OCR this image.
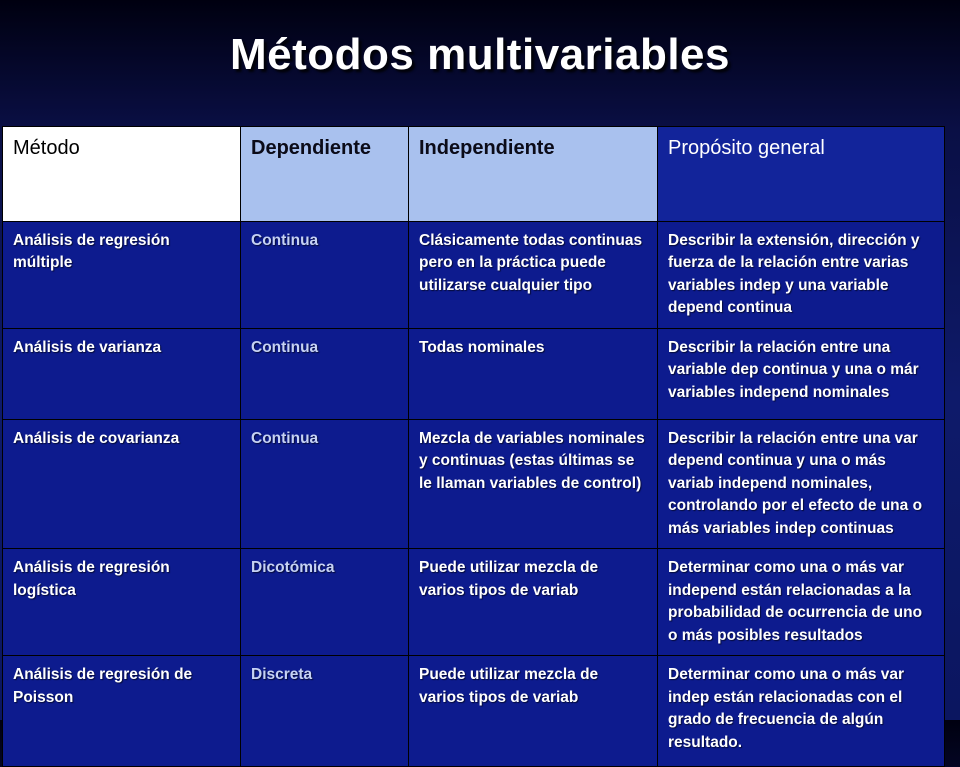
Métodos multivariables
Método	Dependiente	Independiente	Propósito general
Análisis de regresión múltiple	Continua	Clásicamente todas continuas pero en la práctica puede utilizarse cualquier tipo	Describir la extensión, dirección y fuerza de la relación entre varias variables indep y una variable depend continua
Análisis de varianza	Continua	Todas nominales	Describir la relación entre una variable dep continua y una o már variables independ nominales
Análisis de covarianza	Continua	Mezcla de variables nominales y continuas (estas últimas se le llaman variables de control)	Describir la relación entre una var depend continua y una o más variab independ nominales, controlando por el efecto de una o más variables indep continuas
Análisis de regresión logística	Dicotómica	Puede utilizar mezcla de varios tipos de variab	Determinar como una o más var independ están relacionadas a la probabilidad de ocurrencia de uno o más posibles resultados
Análisis de regresión de Poisson	Discreta	Puede utilizar mezcla de varios tipos de variab	Determinar como una o más var indep están relacionadas con el grado de frecuencia de algún resultado.
